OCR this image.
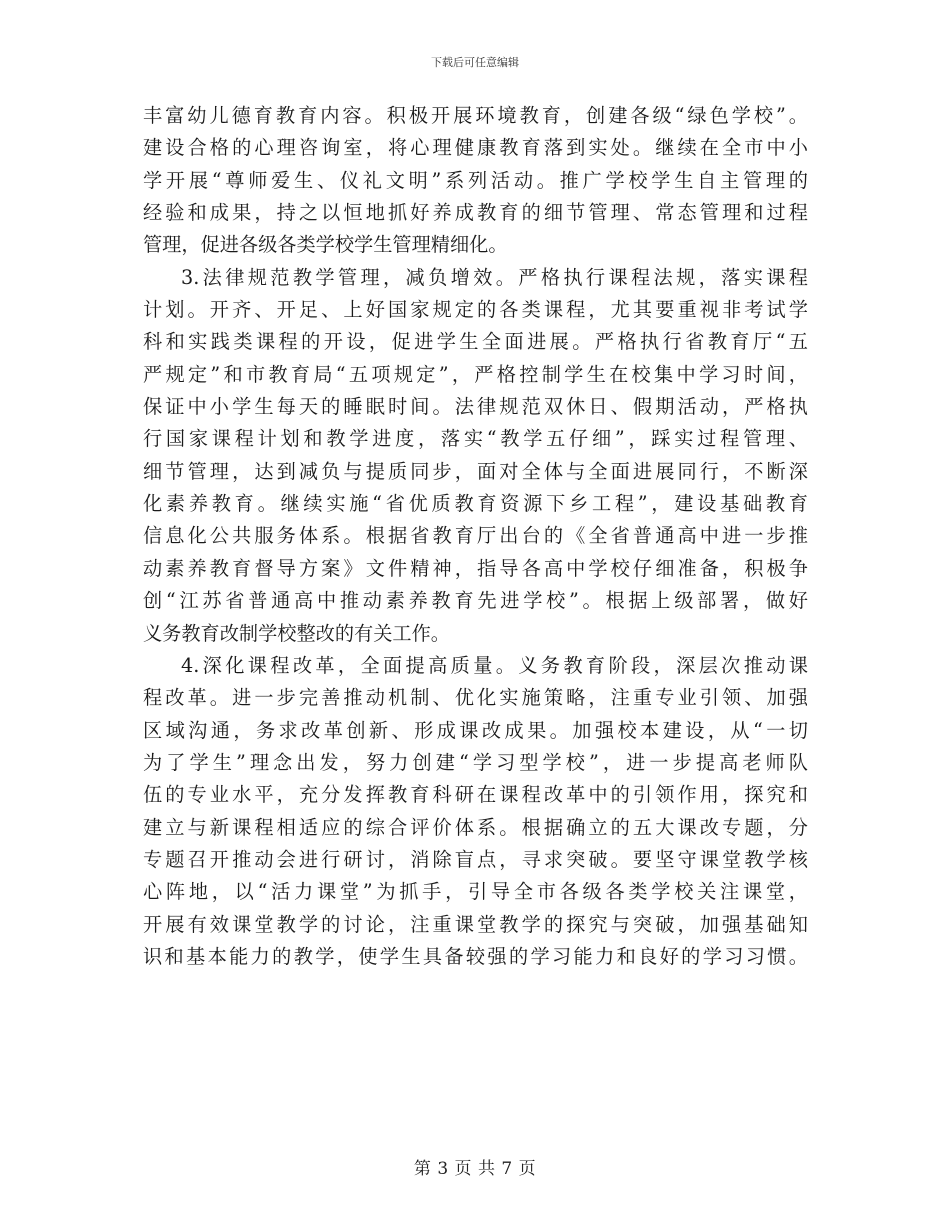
下载后可任意编辑
丰富幼儿德育教育内容。积极开展环境教育，创建各级“绿色学校”。
建设合格的心理咨询室，将心理健康教育落到实处。继续在全市中小
学开展“尊师爱生、仪礼文明”系列活动。推广学校学生自主管理的
经验和成果，持之以恒地抓好养成教育的细节管理、常态管理和过程
管理，促进各级各类学校学生管理精细化。
3.法律规范教学管理，减负增效。严格执行课程法规，落实课程
计划。开齐、开足、上好国家规定的各类课程，尤其要重视非考试学
科和实践类课程的开设，促进学生全面进展。严格执行省教育厅“五
严规定”和市教育局“五项规定”，严格控制学生在校集中学习时间，
保证中小学生每天的睡眠时间。法律规范双休日、假期活动，严格执
行国家课程计划和教学进度，落实“教学五仔细”，踩实过程管理、
细节管理，达到减负与提质同步，面对全体与全面进展同行，不断深
化素养教育。继续实施“省优质教育资源下乡工程”，建设基础教育
信息化公共服务体系。根据省教育厅出台的《全省普通高中进一步推
动素养教育督导方案》文件精神，指导各高中学校仔细准备，积极争
创“江苏省普通高中推动素养教育先进学校”。根据上级部署，做好
义务教育改制学校整改的有关工作。
4.深化课程改革，全面提高质量。义务教育阶段，深层次推动课
程改革。进一步完善推动机制、优化实施策略，注重专业引领、加强
区域沟通，务求改革创新、形成课改成果。加强校本建设，从“一切
为了学生”理念出发，努力创建“学习型学校”，进一步提高老师队
伍的专业水平，充分发挥教育科研在课程改革中的引领作用，探究和
建立与新课程相适应的综合评价体系。根据确立的五大课改专题，分
专题召开推动会进行研讨，消除盲点，寻求突破。要坚守课堂教学核
心阵地，以“活力课堂”为抓手，引导全市各级各类学校关注课堂，
开展有效课堂教学的讨论，注重课堂教学的探究与突破，加强基础知
识和基本能力的教学，使学生具备较强的学习能力和良好的学习习惯。
第 3 页 共 7 页
